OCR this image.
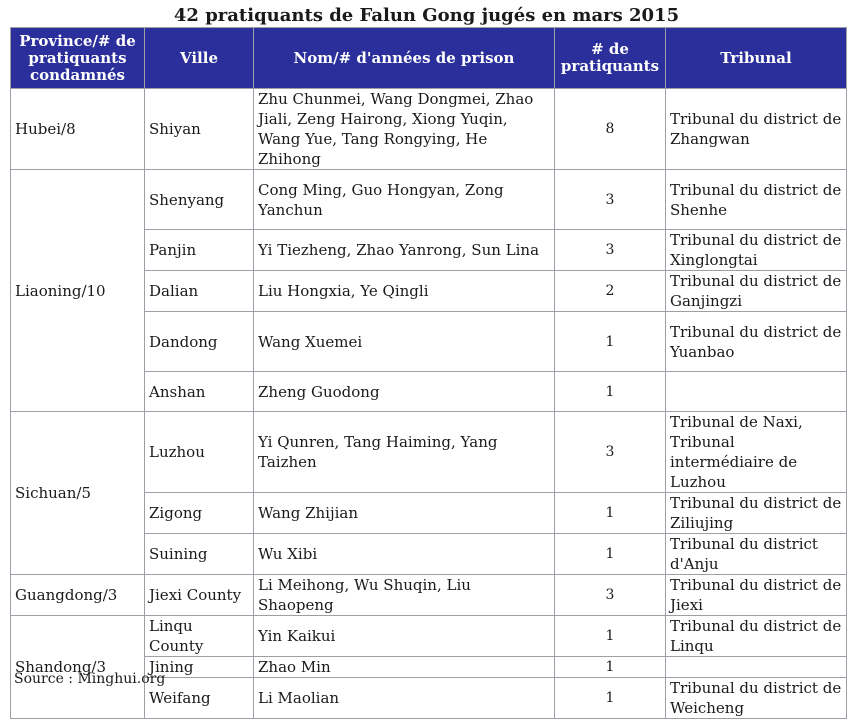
42 pratiquants de Falun Gong jugés en mars 2015
Province/# de pratiquants condamnés	Ville	Nom/# d'années de prison	# de pratiquants	Tribunal
Hubei/8	Shiyan	Zhu Chunmei, Wang Dongmei, Zhao Jiali, Zeng Hairong, Xiong Yuqin, Wang Yue, Tang Rongying, He Zhihong	8	Tribunal du district de Zhangwan
Liaoning/10	Shenyang	Cong Ming, Guo Hongyan, Zong Yanchun	3	Tribunal du district de Shenhe
	Panjin	Yi Tiezheng, Zhao Yanrong, Sun Lina	3	Tribunal du district de Xinglongtai
	Dalian	Liu Hongxia, Ye Qingli	2	Tribunal du district de Ganjingzi
	Dandong	Wang Xuemei	1	Tribunal du district de Yuanbao
	Anshan	Zheng Guodong	1	
Sichuan/5	Luzhou	Yi Qunren, Tang Haiming, Yang Taizhen	3	Tribunal de Naxi, Tribunal intermédiaire de Luzhou
	Zigong	Wang Zhijian	1	Tribunal du district de Ziliujing
	Suining	Wu Xibi	1	Tribunal du district d'Anju
Guangdong/3	Jiexi County	Li Meihong, Wu Shuqin, Liu Shaopeng	3	Tribunal du district de Jiexi
Shandong/3	Linqu County	Yin Kaikui	1	Tribunal du district de Linqu
	Jining	Zhao Min	1	
	Weifang	Li Maolian	1	Tribunal du district de Weicheng
Source : Minghui.org
